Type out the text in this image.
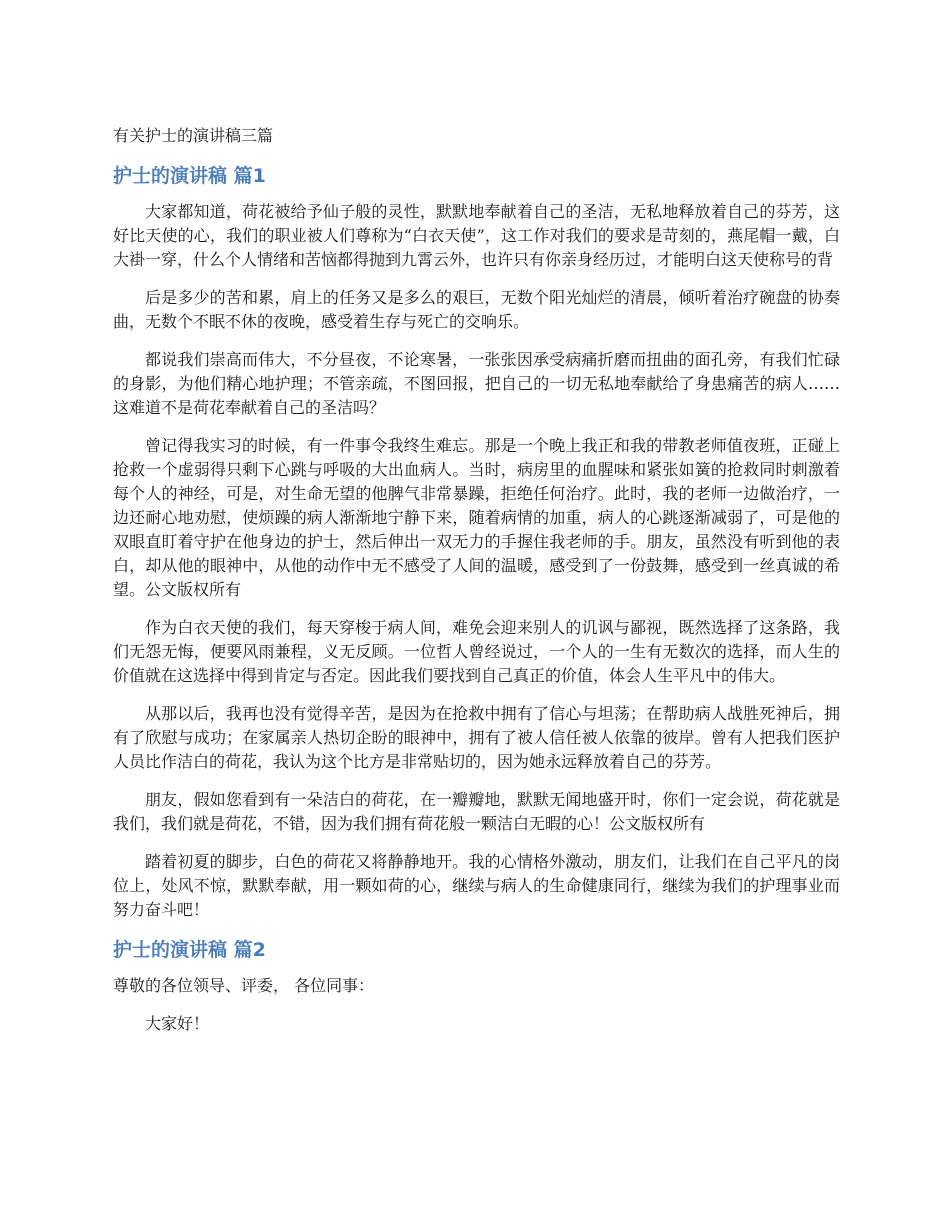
有关护士的演讲稿三篇
护士的演讲稿 篇1

大家都知道，荷花被给予仙子般的灵性，默默地奉献着自己的圣洁，无私地释放着自己的芬芳，这好比天使的心，我们的职业被人们尊称为“白衣天使”，这工作对我们的要求是苛刻的，燕尾帽一戴，白大褂一穿，什么个人情绪和苦恼都得抛到九霄云外，也许只有你亲身经历过，才能明白这天使称号的背

后是多少的苦和累，肩上的任务又是多么的艰巨，无数个阳光灿烂的清晨，倾听着治疗碗盘的协奏曲，无数个不眠不休的夜晚，感受着生存与死亡的交响乐。

都说我们崇高而伟大，不分昼夜，不论寒暑，一张张因承受病痛折磨而扭曲的面孔旁，有我们忙碌的身影，为他们精心地护理；不管亲疏，不图回报，把自己的一切无私地奉献给了身患痛苦的病人……这难道不是荷花奉献着自己的圣洁吗？

曾记得我实习的时候，有一件事令我终生难忘。那是一个晚上我正和我的带教老师值夜班，正碰上抢救一个虚弱得只剩下心跳与呼吸的大出血病人。当时，病房里的血腥味和紧张如簧的抢救同时刺激着每个人的神经，可是，对生命无望的他脾气非常暴躁，拒绝任何治疗。此时，我的老师一边做治疗，一边还耐心地劝慰，使烦躁的病人渐渐地宁静下来，随着病情的加重，病人的心跳逐渐减弱了，可是他的双眼直盯着守护在他身边的护士，然后伸出一双无力的手握住我老师的手。朋友，虽然没有听到他的表白，却从他的眼神中，从他的动作中无不感受了人间的温暖，感受到了一份鼓舞，感受到一丝真诚的希望。公文版权所有

作为白衣天使的我们，每天穿梭于病人间，难免会迎来别人的讥讽与鄙视，既然选择了这条路，我们无怨无悔，便要风雨兼程，义无反顾。一位哲人曾经说过，一个人的一生有无数次的选择，而人生的价值就在这选择中得到肯定与否定。因此我们要找到自己真正的价值，体会人生平凡中的伟大。

从那以后，我再也没有觉得辛苦，是因为在抢救中拥有了信心与坦荡；在帮助病人战胜死神后，拥有了欣慰与成功；在家属亲人热切企盼的眼神中，拥有了被人信任被人依靠的彼岸。曾有人把我们医护人员比作洁白的荷花，我认为这个比方是非常贴切的，因为她永远释放着自己的芬芳。

朋友，假如您看到有一朵洁白的荷花，在一瓣瓣地，默默无闻地盛开时，你们一定会说，荷花就是我们，我们就是荷花，不错，因为我们拥有荷花般一颗洁白无暇的心！公文版权所有

踏着初夏的脚步，白色的荷花又将静静地开。我的心情格外激动，朋友们，让我们在自己平凡的岗位上，处风不惊，默默奉献，用一颗如荷的心，继续与病人的生命健康同行，继续为我们的护理事业而努力奋斗吧！

护士的演讲稿 篇2

尊敬的各位领导、评委， 各位同事：

大家好！
